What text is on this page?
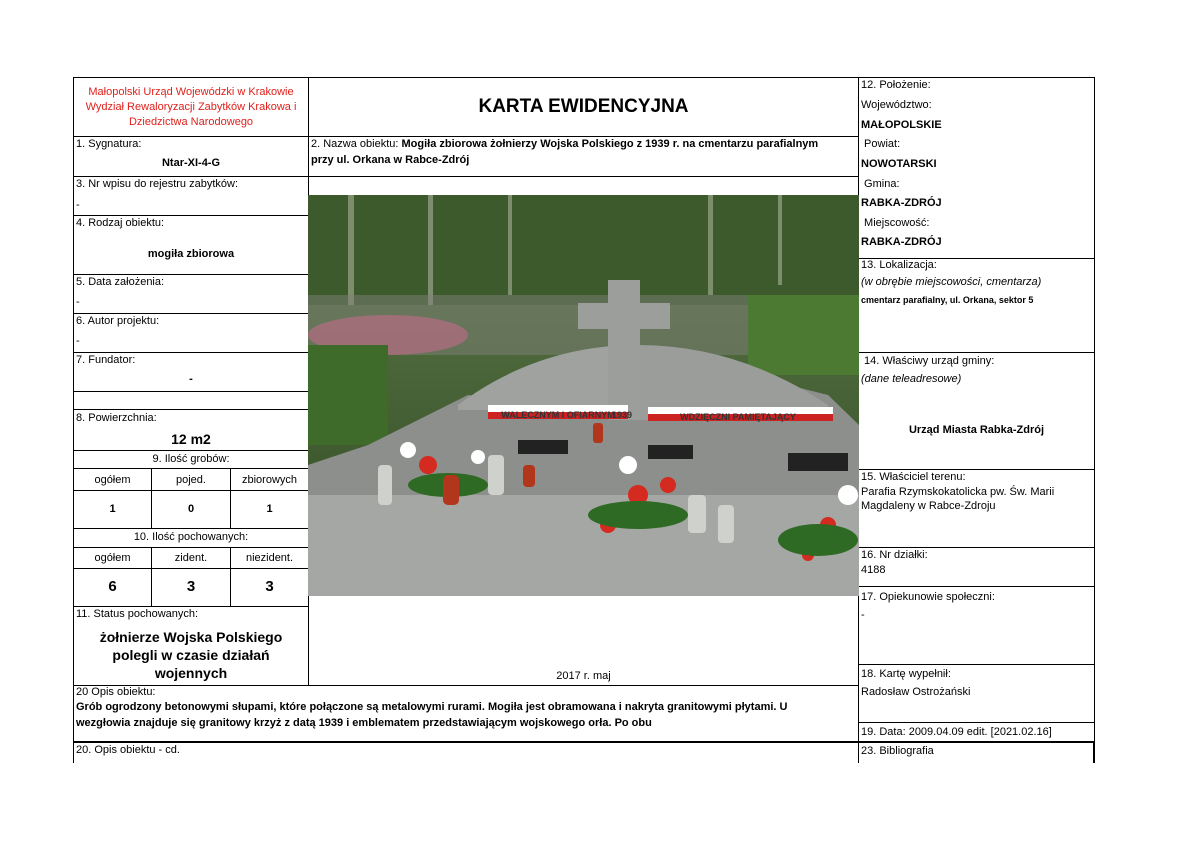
Małopolski Urząd Wojewódzki w Krakowie
Wydział Rewaloryzacji Zabytków Krakowa i
Dziedzictwa Narodowego
KARTA EWIDENCYJNA
1. Sygnatura:
Ntar-XI-4-G
3. Nr wpisu do rejestru zabytków:
-
4. Rodzaj obiektu:
mogiła zbiorowa
5. Data założenia:
-
6. Autor projektu:
-
7. Fundator:
-
8. Powierzchnia:
12 m2
9. Ilość grobów:
ogółem	pojed.	zbiorowych
1	0	1
10. Ilość pochowanych:
ogółem	zident.	niezident.
6	3	3
11. Status pochowanych:
żołnierze Wojska Polskiego
polegli w czasie działań
wojennych
2. Nazwa obiektu: Mogiła zbiorowa żołnierzy Wojska Polskiego z 1939 r. na cmentarzu parafialnym
przy ul. Orkana w Rabce-Zdrój
WALECZNYM I OFIARNYM
1939	WDZIĘCZNI PAMIĘTAJĄCY
2017 r. maj
12. Położenie:
Województwo:
MAŁOPOLSKIE
Powiat:
NOWOTARSKI
Gmina:
RABKA-ZDRÓJ
Miejscowość:
RABKA-ZDRÓJ
13. Lokalizacja:
(w obrębie miejscowości, cmentarza)
cmentarz parafialny, ul. Orkana, sektor 5
14. Właściwy urząd gminy:
(dane teleadresowe)
Urząd Miasta Rabka-Zdrój
15. Właściciel terenu:
Parafia Rzymskokatolicka pw. Św. Marii
Magdaleny w Rabce-Zdroju
16. Nr działki:
4188
17. Opiekunowie społeczni:
-
18. Kartę wypełnił:
Radosław Ostrożański
19. Data: 2009.04.09 edit. [2021.02.16]
23. Bibliografia
20 Opis obiektu:
Grób ogrodzony betonowymi słupami, które połączone są metalowymi rurami. Mogiła jest obramowana i nakryta granitowymi płytami. U
wezgłowia znajduje się granitowy krzyż z datą 1939 i emblematem przedstawiającym wojskowego orła. Po obu
20. Opis obiektu - cd.
